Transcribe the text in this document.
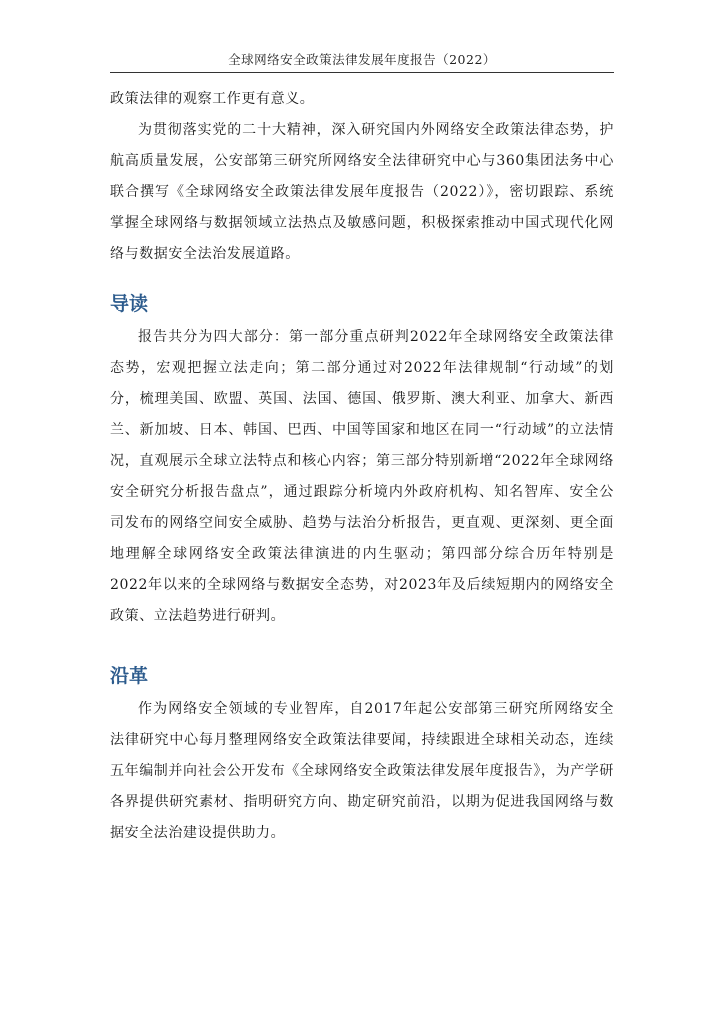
全球网络安全政策法律发展年度报告（2022）

政策法律的观察工作更有意义。

为贯彻落实党的二十大精神，深入研究国内外网络安全政策法律态势，护航高质量发展，公安部第三研究所网络安全法律研究中心与360集团法务中心联合撰写《全球网络安全政策法律发展年度报告（2022）》，密切跟踪、系统掌握全球网络与数据领域立法热点及敏感问题，积极探索推动中国式现代化网络与数据安全法治发展道路。

导读

报告共分为四大部分：第一部分重点研判2022年全球网络安全政策法律态势，宏观把握立法走向；第二部分通过对2022年法律规制“行动域”的划分，梳理美国、欧盟、英国、法国、德国、俄罗斯、澳大利亚、加拿大、新西兰、新加坡、日本、韩国、巴西、中国等国家和地区在同一“行动域”的立法情况，直观展示全球立法特点和核心内容；第三部分特别新增“2022年全球网络安全研究分析报告盘点”，通过跟踪分析境内外政府机构、知名智库、安全公司发布的网络空间安全威胁、趋势与法治分析报告，更直观、更深刻、更全面地理解全球网络安全政策法律演进的内生驱动；第四部分综合历年特别是2022年以来的全球网络与数据安全态势，对2023年及后续短期内的网络安全政策、立法趋势进行研判。

沿革

作为网络安全领域的专业智库，自2017年起公安部第三研究所网络安全法律研究中心每月整理网络安全政策法律要闻，持续跟进全球相关动态，连续五年编制并向社会公开发布《全球网络安全政策法律发展年度报告》，为产学研各界提供研究素材、指明研究方向、勘定研究前沿，以期为促进我国网络与数据安全法治建设提供助力。
